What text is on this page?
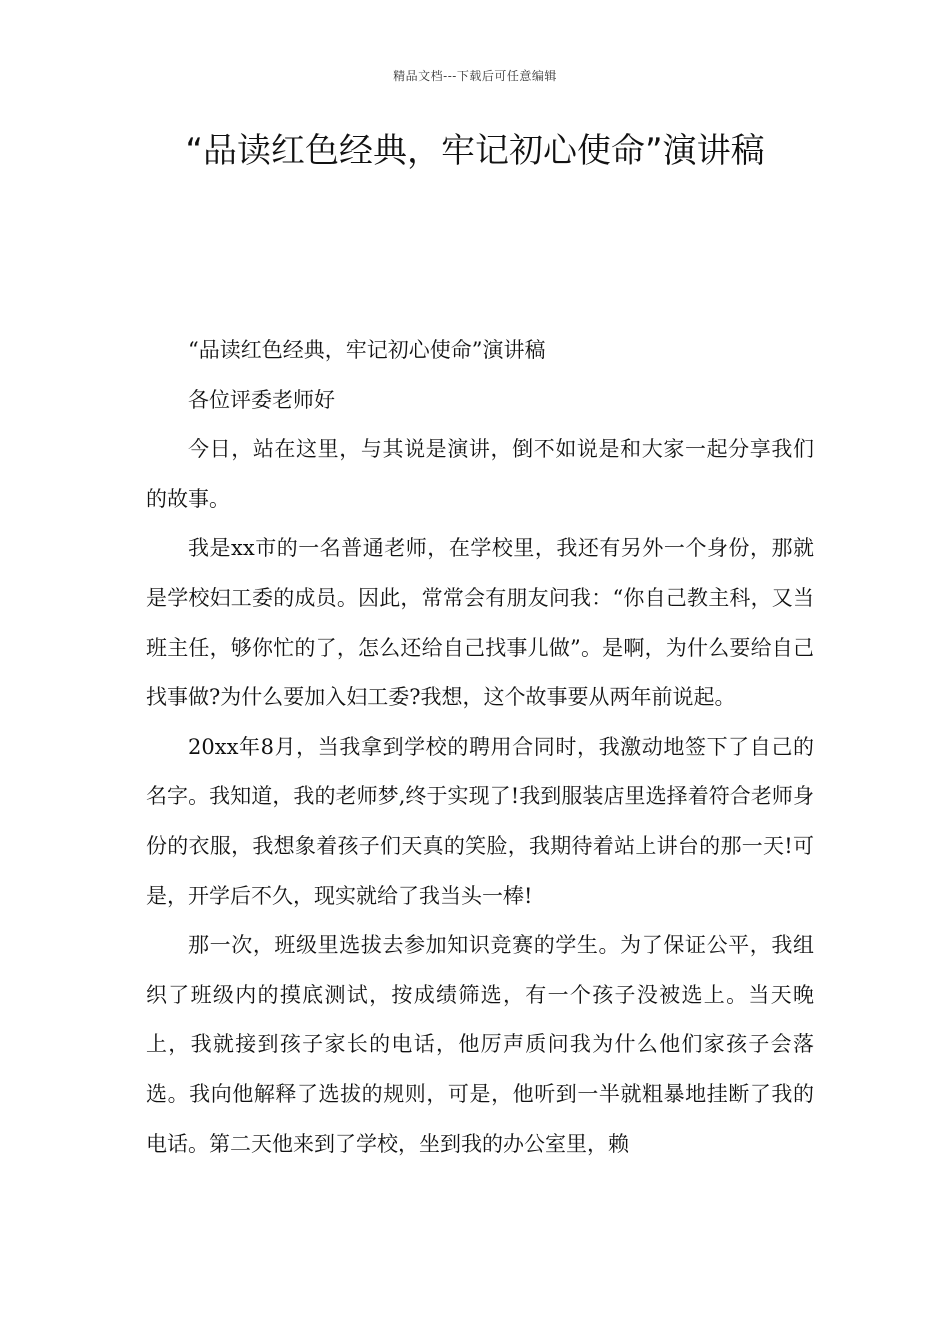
精品文档---下载后可任意编辑
“品读红色经典，牢记初心使命”演讲稿

“品读红色经典，牢记初心使命”演讲稿

各位评委老师好

今日，站在这里，与其说是演讲，倒不如说是和大家一起分享我们的故事。

我是xx市的一名普通老师，在学校里，我还有另外一个身份，那就是学校妇工委的成员。因此，常常会有朋友问我：“你自己教主科，又当班主任，够你忙的了，怎么还给自己找事儿做”。是啊，为什么要给自己找事做?为什么要加入妇工委?我想，这个故事要从两年前说起。

20xx年8月，当我拿到学校的聘用合同时，我激动地签下了自己的名字。我知道，我的老师梦,终于实现了!我到服装店里选择着符合老师身份的衣服，我想象着孩子们天真的笑脸，我期待着站上讲台的那一天!可是，开学后不久，现实就给了我当头一棒!

那一次，班级里选拔去参加知识竞赛的学生。为了保证公平，我组织了班级内的摸底测试，按成绩筛选，有一个孩子没被选上。当天晚上，我就接到孩子家长的电话，他厉声质问我为什么他们家孩子会落选。我向他解释了选拔的规则，可是，他听到一半就粗暴地挂断了我的电话。第二天他来到了学校，坐到我的办公室里，赖
